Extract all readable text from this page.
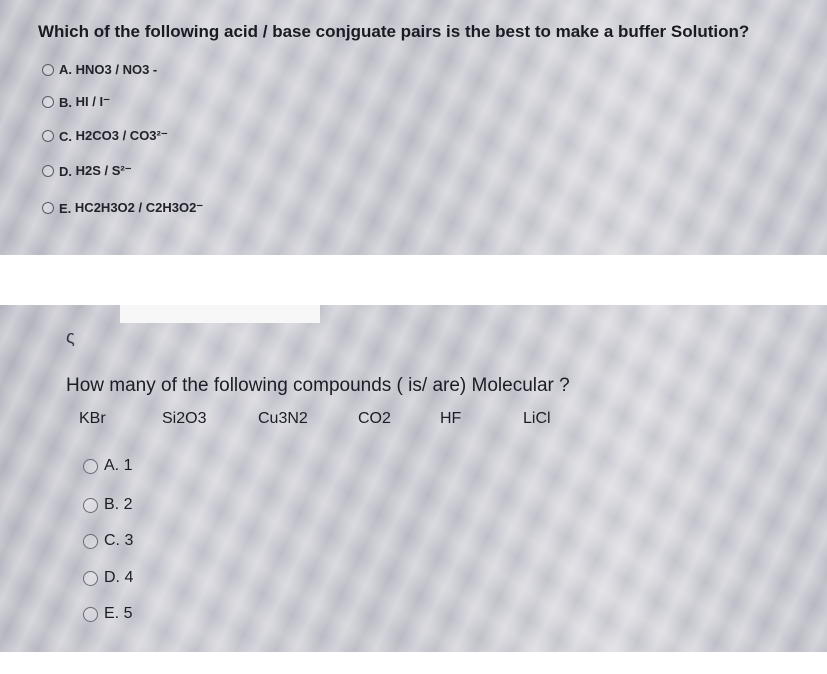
Which of the following acid / base conjguate pairs is the best to make a buffer Solution?
A.
HNO3 / NO3 -
B.
HI / I⁻
C.
H2CO3 / CO3²⁻
D.
H2S / S²⁻
E.
HC2H3O2 / C2H3O2⁻
ς
How many of the following compounds ( is/ are) Molecular ?
KBr	Si2O3	Cu3N2	CO2	HF	LiCl
A.
1
B.
2
C.
3
D.
4
E.
5
